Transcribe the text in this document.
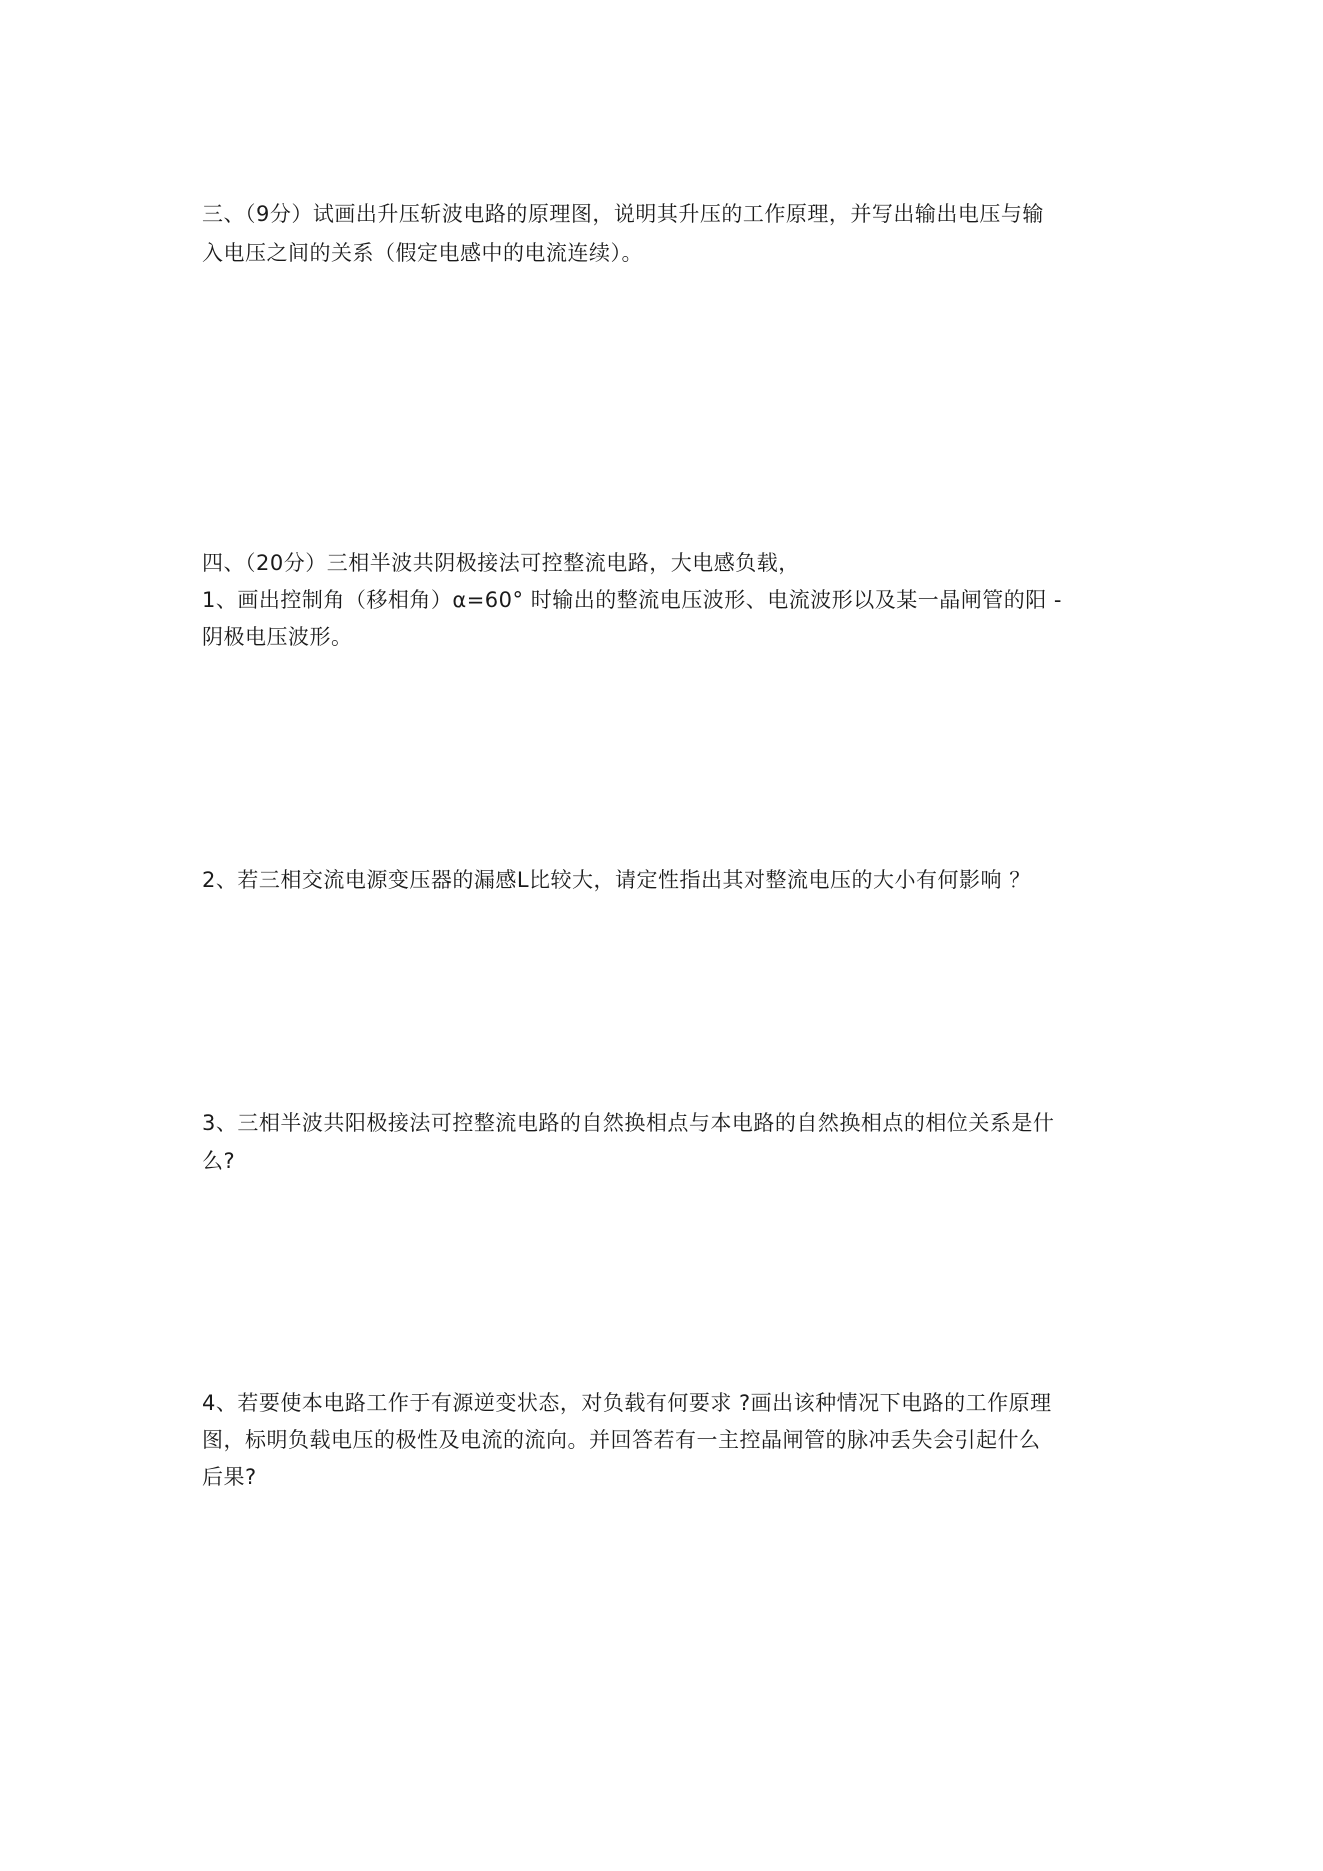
三、（9分）试画出升压斩波电路的原理图，说明其升压的工作原理，并写出输出电压与输
入电压之间的关系（假定电感中的电流连续）。
四、（20分）三相半波共阴极接法可控整流电路，大电感负载，
1、画出控制角（移相角）α=60° 时输出的整流电压波形、电流波形以及某一晶闸管的阳 -
阴极电压波形。
2、若三相交流电源变压器的漏感L比较大，请定性指出其对整流电压的大小有何影响 ？
3、三相半波共阳极接法可控整流电路的自然换相点与本电路的自然换相点的相位关系是什
么?
4、若要使本电路工作于有源逆变状态，对负载有何要求 ?画出该种情况下电路的工作原理
图，标明负载电压的极性及电流的流向。并回答若有一主控晶闸管的脉冲丢失会引起什么
后果?
